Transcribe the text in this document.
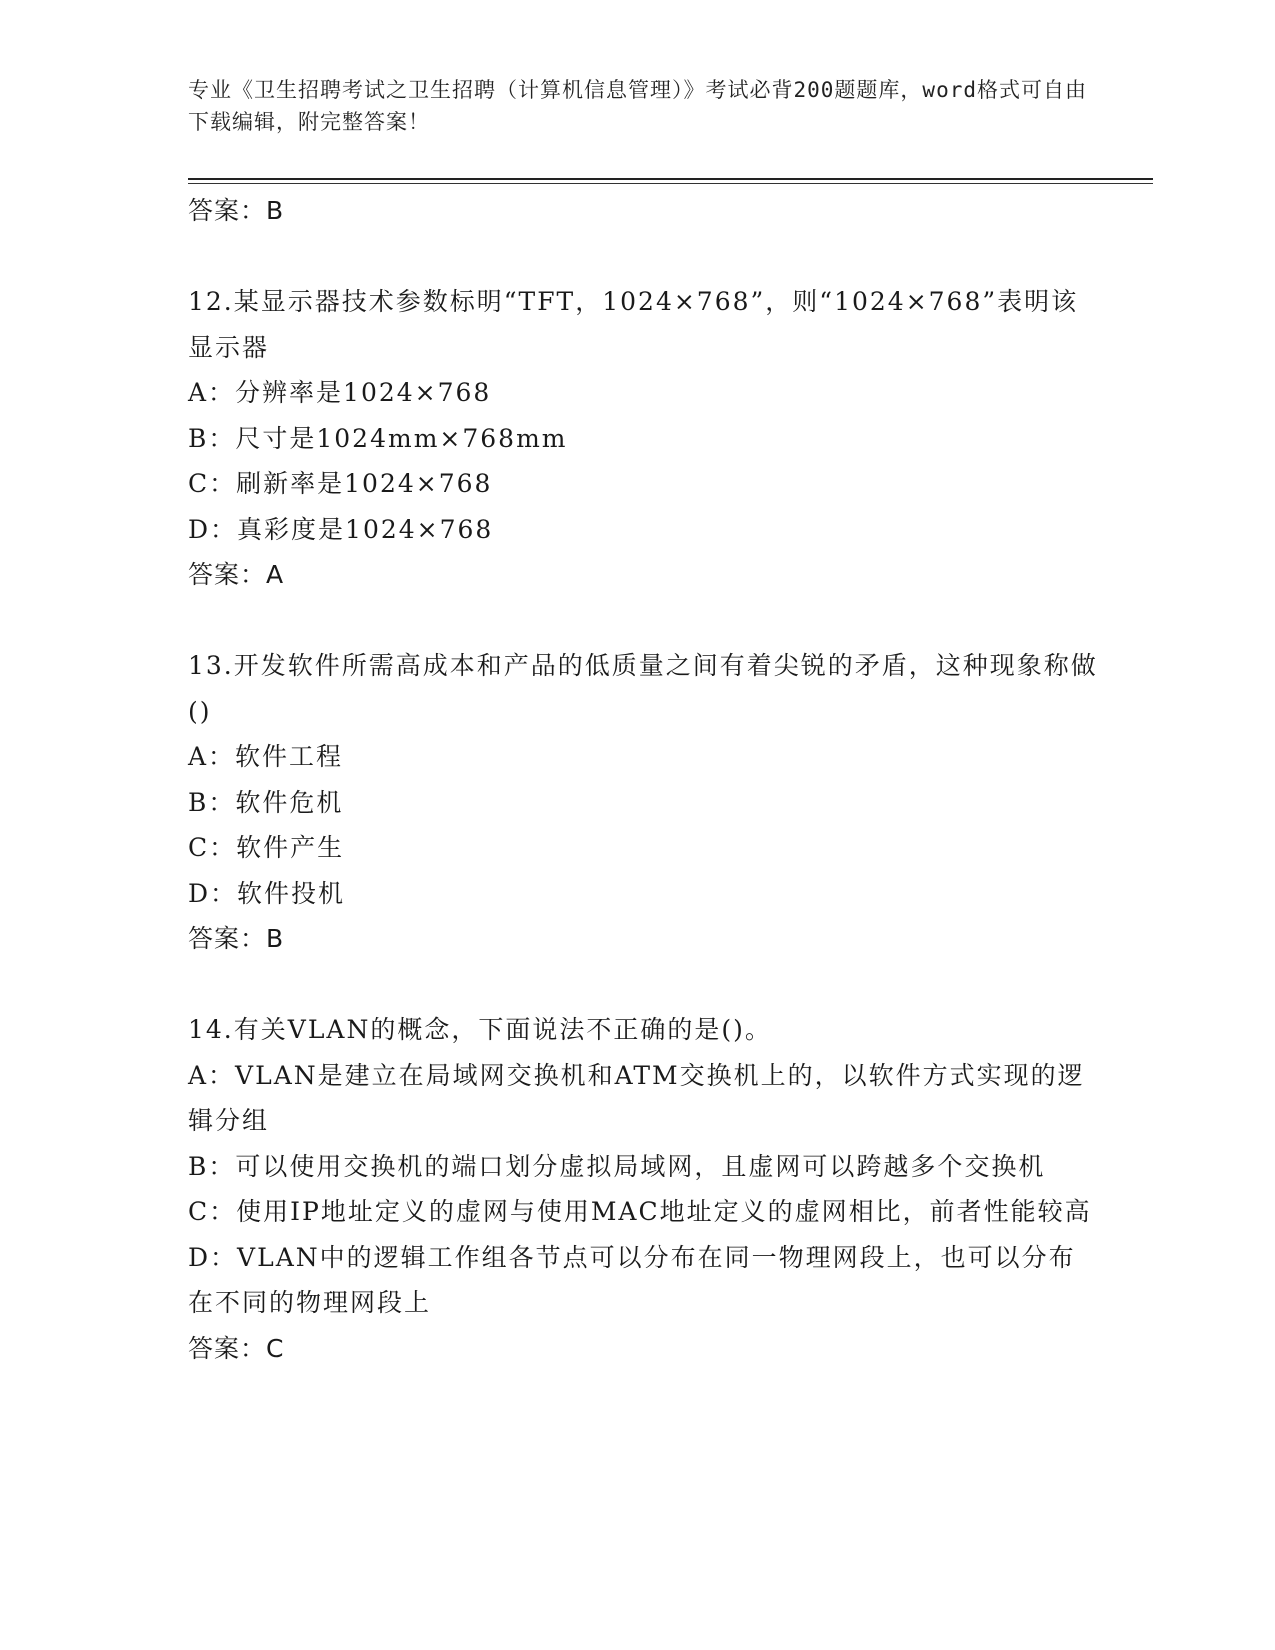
专业《卫生招聘考试之卫生招聘（计算机信息管理）》考试必背200题题库，word格式可自由下载编辑，附完整答案！
答案：B
12.某显示器技术参数标明“TFT，1024×768”，则“1024×768”表明该显示器
A：分辨率是1024×768
B：尺寸是1024mm×768mm
C：刷新率是1024×768
D：真彩度是1024×768
答案：A
13.开发软件所需高成本和产品的低质量之间有着尖锐的矛盾，这种现象称做()
A：软件工程
B：软件危机
C：软件产生
D：软件投机
答案：B
14.有关VLAN的概念，下面说法不正确的是()。
A：VLAN是建立在局域网交换机和ATM交换机上的，以软件方式实现的逻辑分组
B：可以使用交换机的端口划分虚拟局域网，且虚网可以跨越多个交换机
C：使用IP地址定义的虚网与使用MAC地址定义的虚网相比，前者性能较高
D：VLAN中的逻辑工作组各节点可以分布在同一物理网段上，也可以分布在不同的物理网段上
答案：C
